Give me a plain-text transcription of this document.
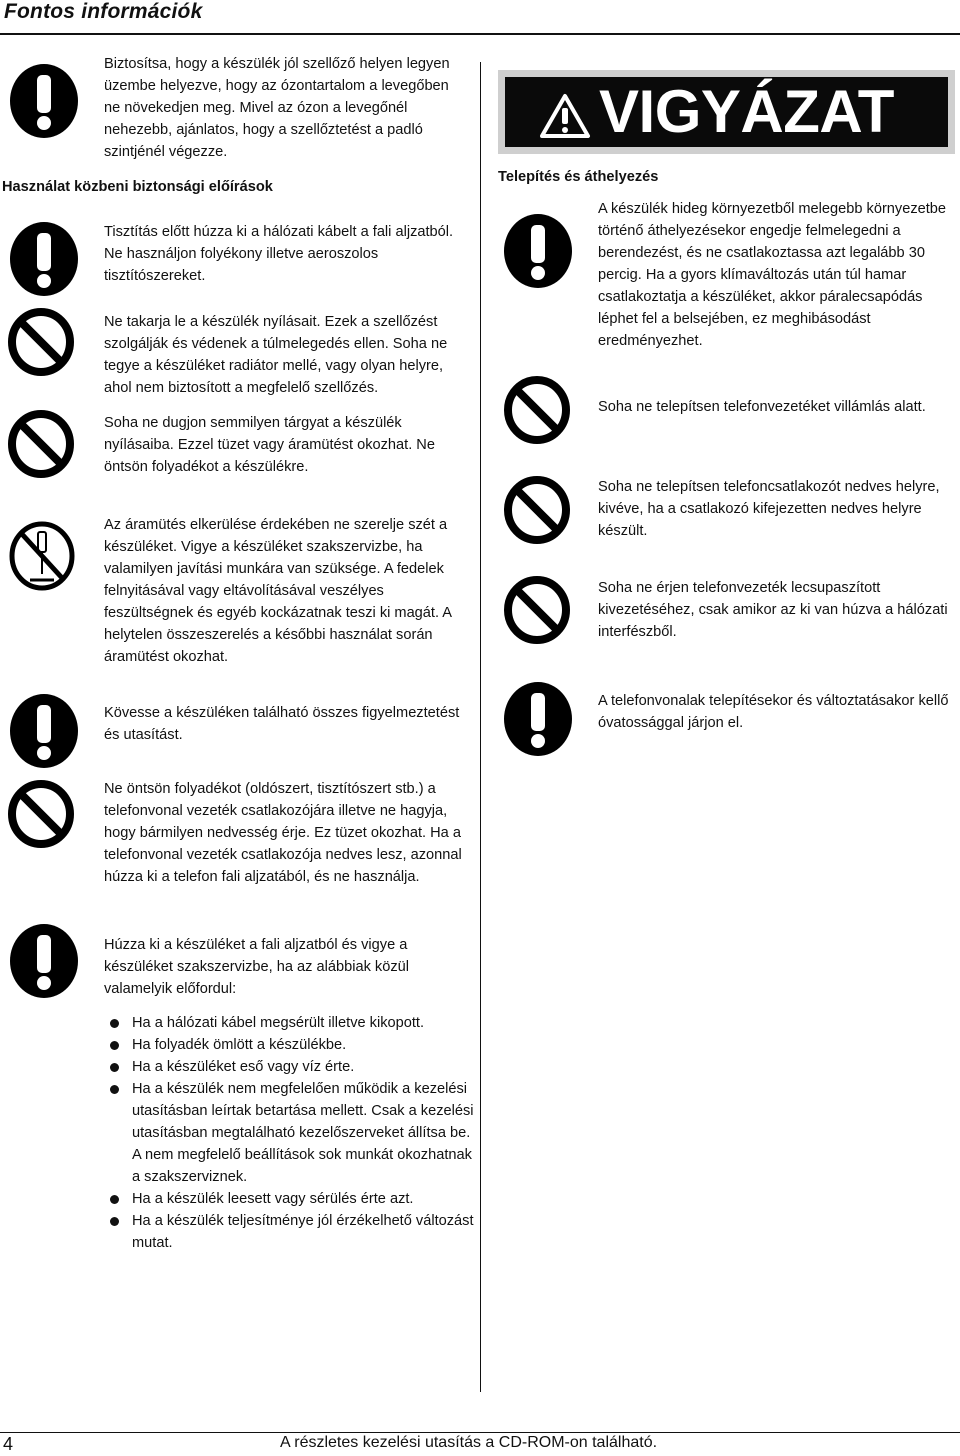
Fontos információk

Biztosítsa, hogy a készülék jól szellőző helyen legyen üzembe helyezve, hogy az ózontartalom a levegőben ne növekedjen meg. Mivel az ózon a levegőnél nehezebb, ajánlatos, hogy a szellőztetést a padló szintjénél végezze.

Használat közbeni biztonsági előírások

Tisztítás előtt húzza ki a hálózati kábelt a fali aljzatból. Ne használjon folyékony illetve aeroszolos tisztítószereket.

Ne takarja le a készülék nyílásait. Ezek a szellőzést szolgálják és védenek a túlmelegedés ellen. Soha ne tegye a készüléket radiátor mellé, vagy olyan helyre, ahol nem biztosított a megfelelő szellőzés.

Soha ne dugjon semmilyen tárgyat a készülék nyílásaiba. Ezzel tüzet vagy áramütést okozhat. Ne öntsön folyadékot a készülékre.

Az áramütés elkerülése érdekében ne szerelje szét a készüléket. Vigye a készüléket szakszervizbe, ha valamilyen javítási munkára van szüksége. A fedelek felnyitásával vagy eltávolításával veszélyes feszültségnek és egyéb kockázatnak teszi ki magát. A helytelen összeszerelés a későbbi használat során áramütést okozhat.

Kövesse a készüléken található összes figyelmeztetést és utasítást.

Ne öntsön folyadékot (oldószert, tisztítószert stb.) a telefonvonal vezeték csatlakozójára illetve ne hagyja, hogy bármilyen nedvesség érje. Ez tüzet okozhat. Ha a telefonvonal vezeték csatlakozója nedves lesz, azonnal húzza ki a telefon fali aljzatából, és ne használja.

Húzza ki a készüléket a fali aljzatból és vigye a készüléket szakszervizbe, ha az alábbiak közül valamelyik előfordul:

Ha a hálózati kábel megsérült illetve kikopott.
Ha folyadék ömlött a készülékbe.
Ha a készüléket eső vagy víz érte.
Ha a készülék nem megfelelően működik a kezelési utasításban leírtak betartása mellett. Csak a kezelési utasításban megtalálható kezelőszerveket állítsa be. A nem megfelelő beállítások sok munkát okozhatnak a szakszerviznek.
Ha a készülék leesett vagy sérülés érte azt.
Ha a készülék teljesítménye jól érzékelhető változást mutat.
VIGYÁZAT
Telepítés és áthelyezés

A készülék hideg környezetből melegebb környezetbe történő áthelyezésekor engedje felmelegedni a berendezést, és ne csatlakoztassa azt legalább 30 percig. Ha a gyors klímaváltozás után túl hamar csatlakoztatja a készüléket, akkor páralecsapódás léphet fel a belsejében, ez meghibásodást eredményezhet.

Soha ne telepítsen telefonvezetéket villámlás alatt.

Soha ne telepítsen telefoncsatlakozót nedves helyre, kivéve, ha a csatlakozó kifejezetten nedves helyre készült.

Soha ne érjen telefonvezeték lecsupaszított kivezetéséhez, csak amikor az ki van húzva a hálózati interfészből.

A telefonvonalak telepítésekor és változtatásakor kellő óvatossággal járjon el.

4	A részletes kezelési utasítás a CD-ROM-on található.
